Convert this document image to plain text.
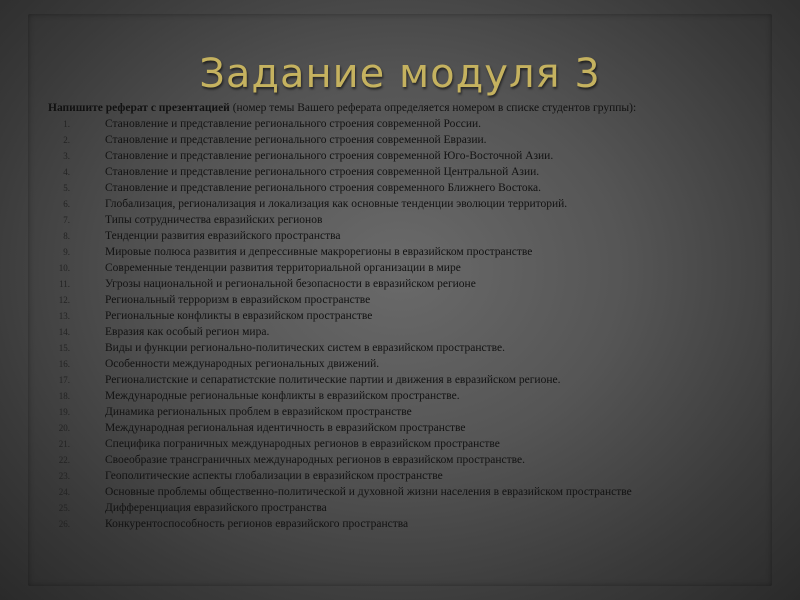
Задание модуля 3
Напишите реферат с презентацией (номер темы Вашего реферата определяется номером в списке студентов группы):
1.	Становление и представление регионального строения современной России.
2.	Становление и представление регионального строения современной Евразии.
3.	Становление и представление регионального строения современной Юго-Восточной Азии.
4.	Становление и представление регионального строения современной Центральной Азии.
5.	Становление и представление регионального строения современного Ближнего Востока.
6.	Глобализация, регионализация и локализация как основные тенденции эволюции территорий.
7.	Типы сотрудничества евразийских регионов
8.	Тенденции развития евразийского пространства
9.	Мировые полюса развития и депрессивные макрорегионы в евразийском пространстве
10.	Современные тенденции развития территориальной организации в мире
11.	Угрозы национальной и региональной безопасности в евразийском регионе
12.	Региональный терроризм в евразийском пространстве
13.	Региональные конфликты в евразийском пространстве
14.	Евразия как особый регион мира.
15.	Виды и функции регионально-политических систем в евразийском пространстве.
16.	Особенности международных региональных движений.
17.	Регионалистские и сепаратистские политические партии и движения в евразийском регионе.
18.	Международные региональные конфликты в евразийском пространстве.
19.	Динамика региональных проблем в евразийском пространстве
20.	Международная региональная идентичность в евразийском пространстве
21.	Специфика пограничных международных регионов в евразийском пространстве
22.	Своеобразие трансграничных международных регионов в евразийском пространстве.
23.	Геополитические аспекты глобализации в евразийском пространстве
24.	Основные проблемы общественно-политической и духовной жизни населения в евразийском пространстве
25.	Дифференциация евразийского пространства
26.	Конкурентоспособность регионов евразийского пространства
